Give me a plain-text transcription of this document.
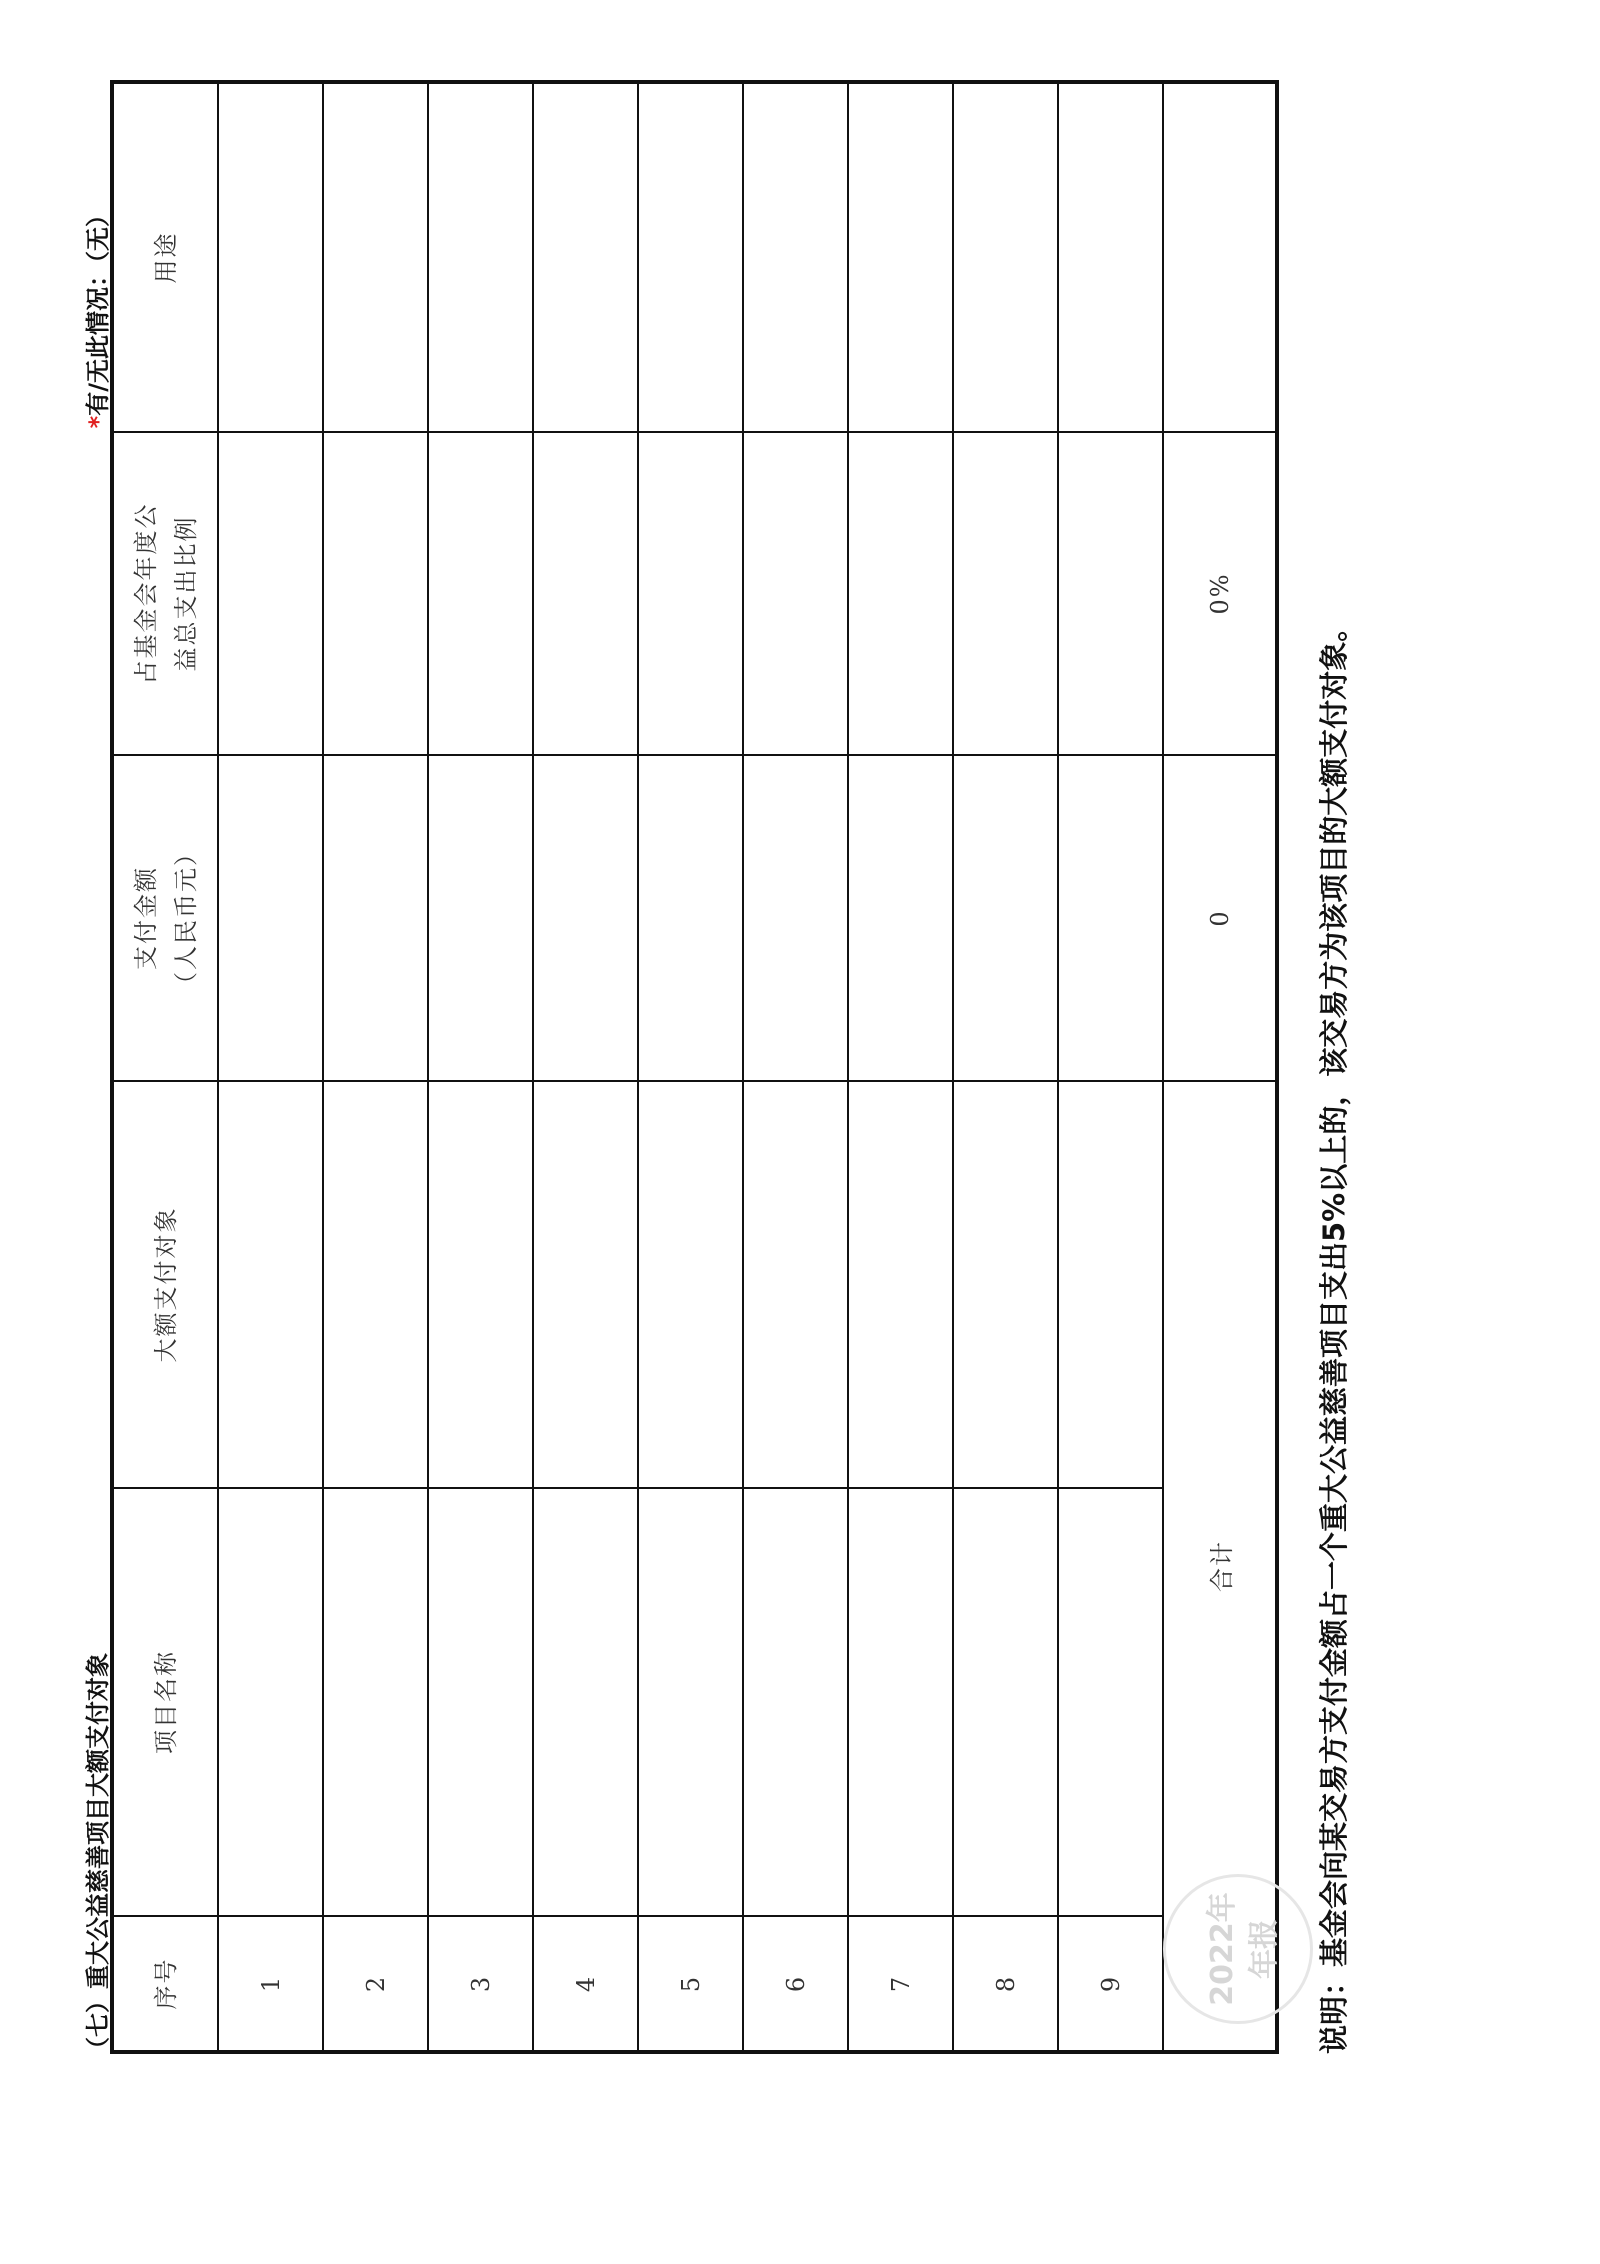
（七）重大公益慈善项目大额支付对象
*有/无此情况：（无）
序号	项目名称	大额支付对象	支付金额 （人民币元）	占基金会年度公 益总支出比例	用途
1					
2					
3					
4					
5					
6					
7					
8					
9					
合计			0	0%	
说明：基金会向某交易方支付金额占一个重大公益慈善项目支出5%以上的，该交易方为该项目的大额支付对象。
2022年 年报
